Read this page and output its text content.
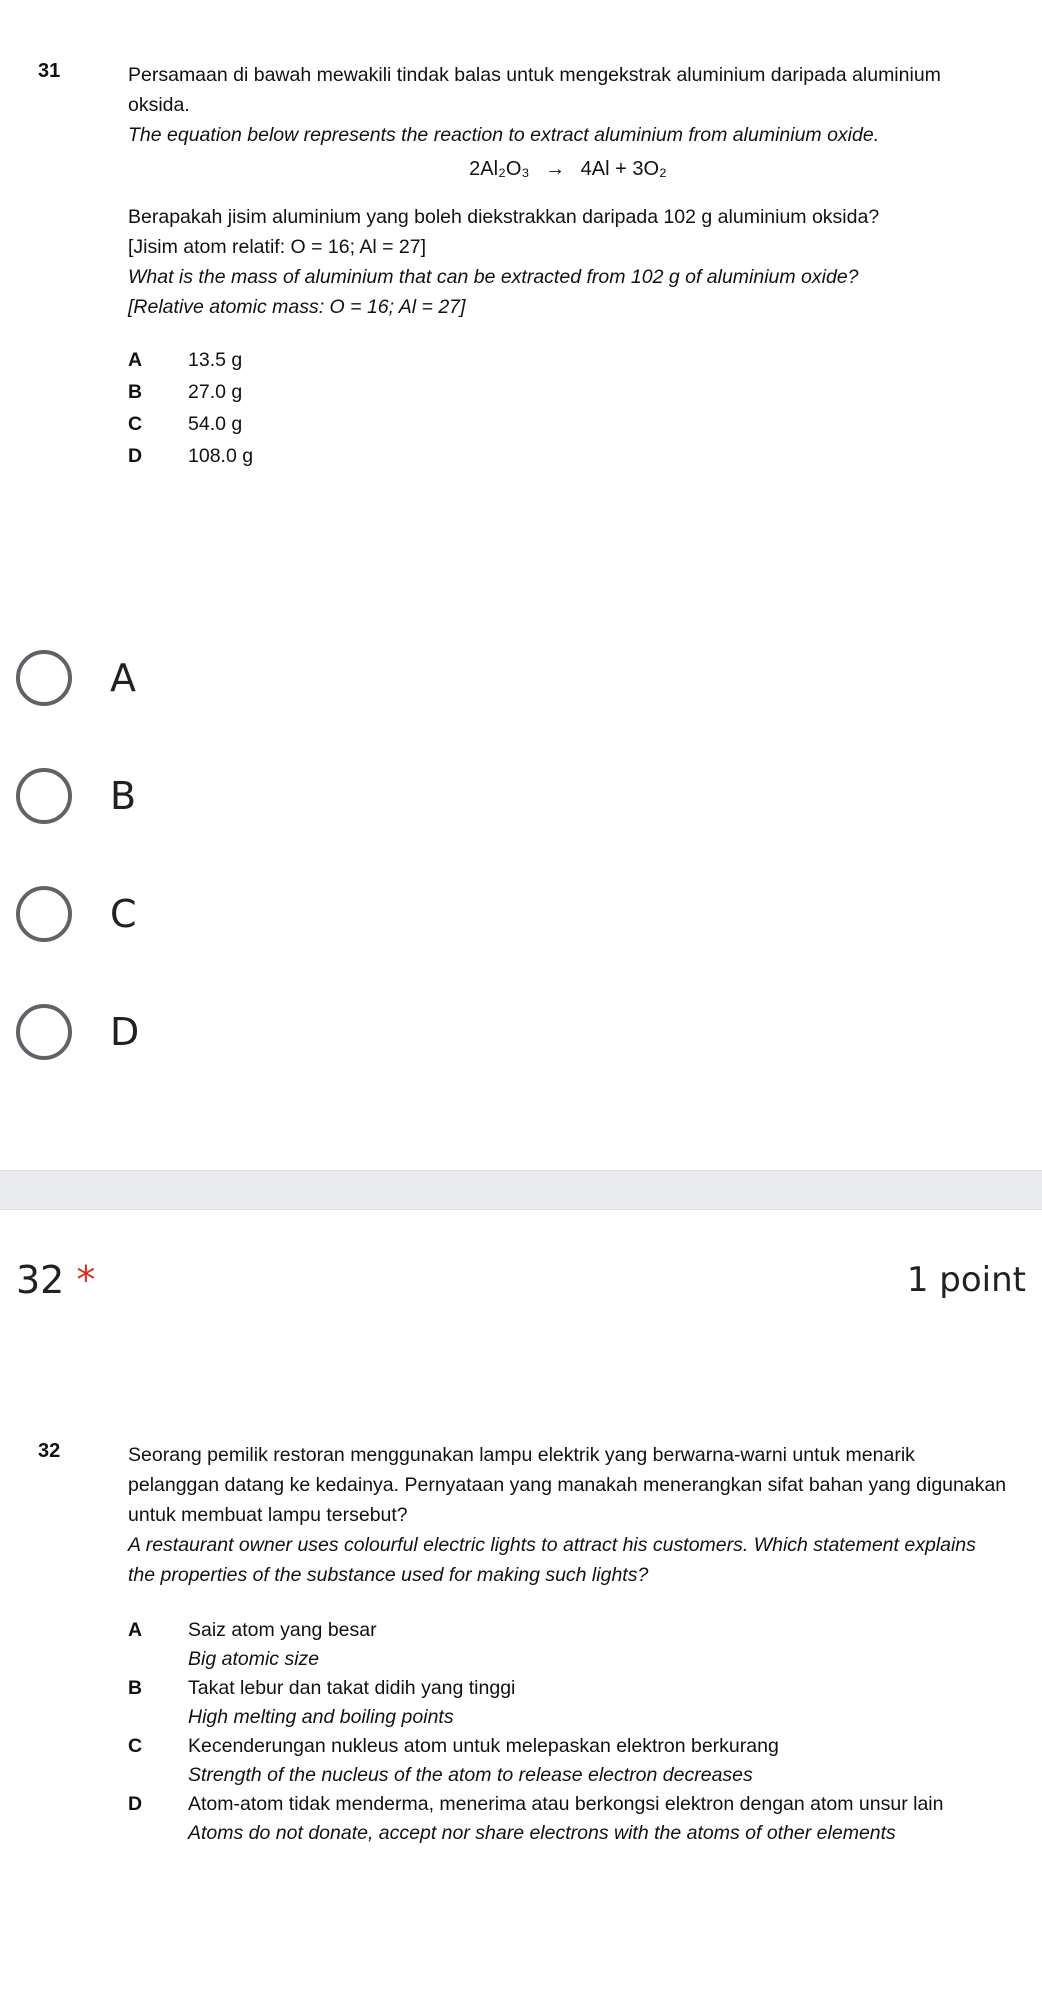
31	Persamaan di bawah mewakili tindak balas untuk mengekstrak aluminium daripada aluminium oksida.
The equation below represents the reaction to extract aluminium from aluminium oxide.
2Al₂O₃ → 4Al + 3O₂
Berapakah jisim aluminium yang boleh diekstrakkan daripada 102 g aluminium oksida?
[Jisim atom relatif: O = 16; Al = 27]
What is the mass of aluminium that can be extracted from 102 g of aluminium oxide?
[Relative atomic mass: O = 16; Al = 27]
A	13.5 g
B	27.0 g
C	54.0 g
D	108.0 g
A
B
C
D
32 *	1 point
32	Seorang pemilik restoran menggunakan lampu elektrik yang berwarna-warni untuk menarik pelanggan datang ke kedainya. Pernyataan yang manakah menerangkan sifat bahan yang digunakan untuk membuat lampu tersebut?
A restaurant owner uses colourful electric lights to attract his customers. Which statement explains the properties of the substance used for making such lights?
A	Saiz atom yang besar
Big atomic size
B	Takat lebur dan takat didih yang tinggi
High melting and boiling points
C	Kecenderungan nukleus atom untuk melepaskan elektron berkurang
Strength of the nucleus of the atom to release electron decreases
D	Atom-atom tidak menderma, menerima atau berkongsi elektron dengan atom unsur lain
Atoms do not donate, accept nor share electrons with the atoms of other elements
